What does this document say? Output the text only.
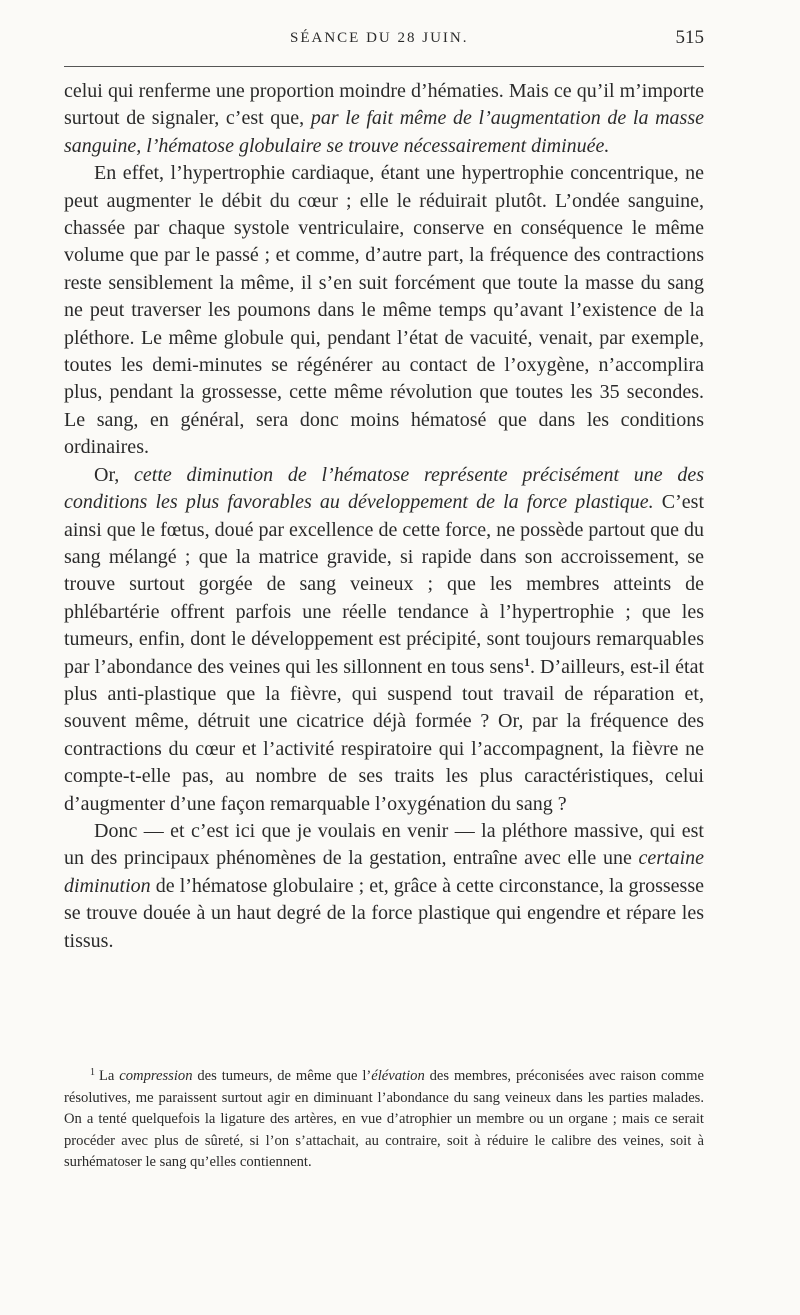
SÉANCE DU 28 JUIN.	515

celui qui renferme une proportion moindre d’hématies. Mais ce qu’il m’importe surtout de signaler, c’est que, par le fait même de l’augmentation de la masse sanguine, l’hématose globulaire se trouve nécessairement diminuée.

En effet, l’hypertrophie cardiaque, étant une hypertrophie concentrique, ne peut augmenter le débit du cœur ; elle le réduirait plutôt. L’ondée sanguine, chassée par chaque systole ventriculaire, conserve en conséquence le même volume que par le passé ; et comme, d’autre part, la fréquence des contractions reste sensiblement la même, il s’en suit forcément que toute la masse du sang ne peut traverser les poumons dans le même temps qu’avant l’existence de la pléthore. Le même globule qui, pendant l’état de vacuité, venait, par exemple, toutes les demi-minutes se régénérer au contact de l’oxygène, n’accomplira plus, pendant la grossesse, cette même révolution que toutes les 35 secondes. Le sang, en général, sera donc moins hématosé que dans les conditions ordinaires.

Or, cette diminution de l’hématose représente précisément une des conditions les plus favorables au développement de la force plastique. C’est ainsi que le fœtus, doué par excellence de cette force, ne possède partout que du sang mélangé ; que la matrice gravide, si rapide dans son accroissement, se trouve surtout gorgée de sang veineux ; que les membres atteints de phlébartérie offrent parfois une réelle tendance à l’hypertrophie ; que les tumeurs, enfin, dont le développement est précipité, sont toujours remarquables par l’abondance des veines qui les sillonnent en tous sens$^1$. D’ailleurs, est-il état plus anti-plastique que la fièvre, qui suspend tout travail de réparation et, souvent même, détruit une cicatrice déjà formée ? Or, par la fréquence des contractions du cœur et l’activité respiratoire qui l’accompagnent, la fièvre ne compte-t-elle pas, au nombre de ses traits les plus caractéristiques, celui d’augmenter d’une façon remarquable l’oxygénation du sang ?

Donc — et c’est ici que je voulais en venir — la pléthore massive, qui est un des principaux phénomènes de la gestation, entraîne avec elle une certaine diminution de l’hématose globulaire ; et, grâce à cette circonstance, la grossesse se trouve douée à un haut degré de la force plastique qui engendre et répare les tissus.

$^1$ La compression des tumeurs, de même que l’élévation des membres, préconisées avec raison comme résolutives, me paraissent surtout agir en diminuant l’abondance du sang veineux dans les parties malades. On a tenté quelquefois la ligature des artères, en vue d’atrophier un membre ou un organe ; mais ce serait procéder avec plus de sûreté, si l’on s’attachait, au contraire, soit à réduire le calibre des veines, soit à surhématoser le sang qu’elles contiennent.
